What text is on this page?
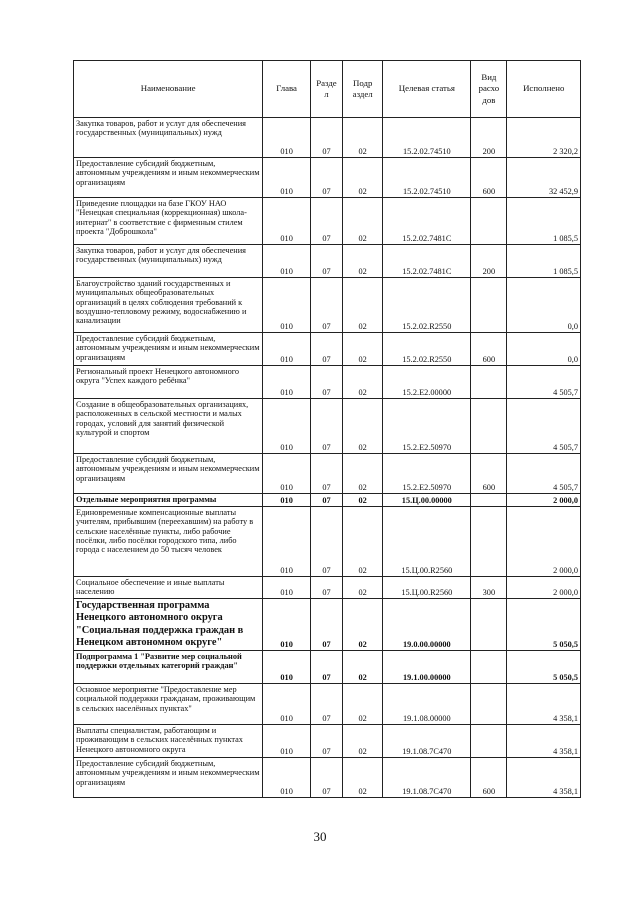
Наименование	Глава	Разде л	Подр аздел	Целевая статья	Вид расхо дов	Исполнено
Закупка товаров, работ и услуг для обеспечения государственных (муниципальных) нужд	010	07	02	15.2.02.74510	200	2 320,2
Предоставление субсидий бюджетным, автономным учреждениям и иным некоммерческим организациям	010	07	02	15.2.02.74510	600	32 452,9
Приведение площадки на базе ГКОУ НАО "Ненецкая специальная (коррекционная) школа-интернат" в соответствие с фирменным стилем проекта "Доброшкола"	010	07	02	15.2.02.7481С		1 085,5
Закупка товаров, работ и услуг для обеспечения государственных (муниципальных) нужд	010	07	02	15.2.02.7481С	200	1 085,5
Благоустройство зданий государственных и муниципальных общеобразовательных организаций в целях соблюдения требований к воздушно-тепловому режиму, водоснабжению и канализации	010	07	02	15.2.02.R2550		0,0
Предоставление субсидий бюджетным, автономным учреждениям и иным некоммерческим организациям	010	07	02	15.2.02.R2550	600	0,0
Региональный проект Ненецкого автономного округа "Успех каждого ребёнка"	010	07	02	15.2.Е2.00000		4 505,7
Создание в общеобразовательных организациях, расположенных в сельской местности и малых городах, условий для занятий физической культурой и спортом	010	07	02	15.2.Е2.50970		4 505,7
Предоставление субсидий бюджетным, автономным учреждениям и иным некоммерческим организациям	010	07	02	15.2.Е2.50970	600	4 505,7
Отдельные мероприятия программы	010	07	02	15.Ц.00.00000		2 000,0
Единовременные компенсационные выплаты учителям, прибывшим (переехавшим) на работу в сельские населённые пункты, либо рабочие посёлки, либо посёлки городского типа, либо города с населением до 50 тысяч человек	010	07	02	15.Ц.00.R2560		2 000,0
Социальное обеспечение и иные выплаты населению	010	07	02	15.Ц.00.R2560	300	2 000,0
Государственная программа Ненецкого автономного округа "Социальная поддержка граждан в Ненецком автономном округе"	010	07	02	19.0.00.00000		5 050,5
Подпрограмма 1 "Развитие мер социальной поддержки отдельных категорий граждан"	010	07	02	19.1.00.00000		5 050,5
Основное мероприятие "Предоставление мер социальной поддержки гражданам, проживающим в сельских населённых пунктах"	010	07	02	19.1.08.00000		4 358,1
Выплаты специалистам, работающим и проживающим в сельских населённых пунктах Ненецкого автономного округа	010	07	02	19.1.08.7С470		4 358,1
Предоставление субсидий бюджетным, автономным учреждениям и иным некоммерческим организациям	010	07	02	19.1.08.7С470	600	4 358,1
30
